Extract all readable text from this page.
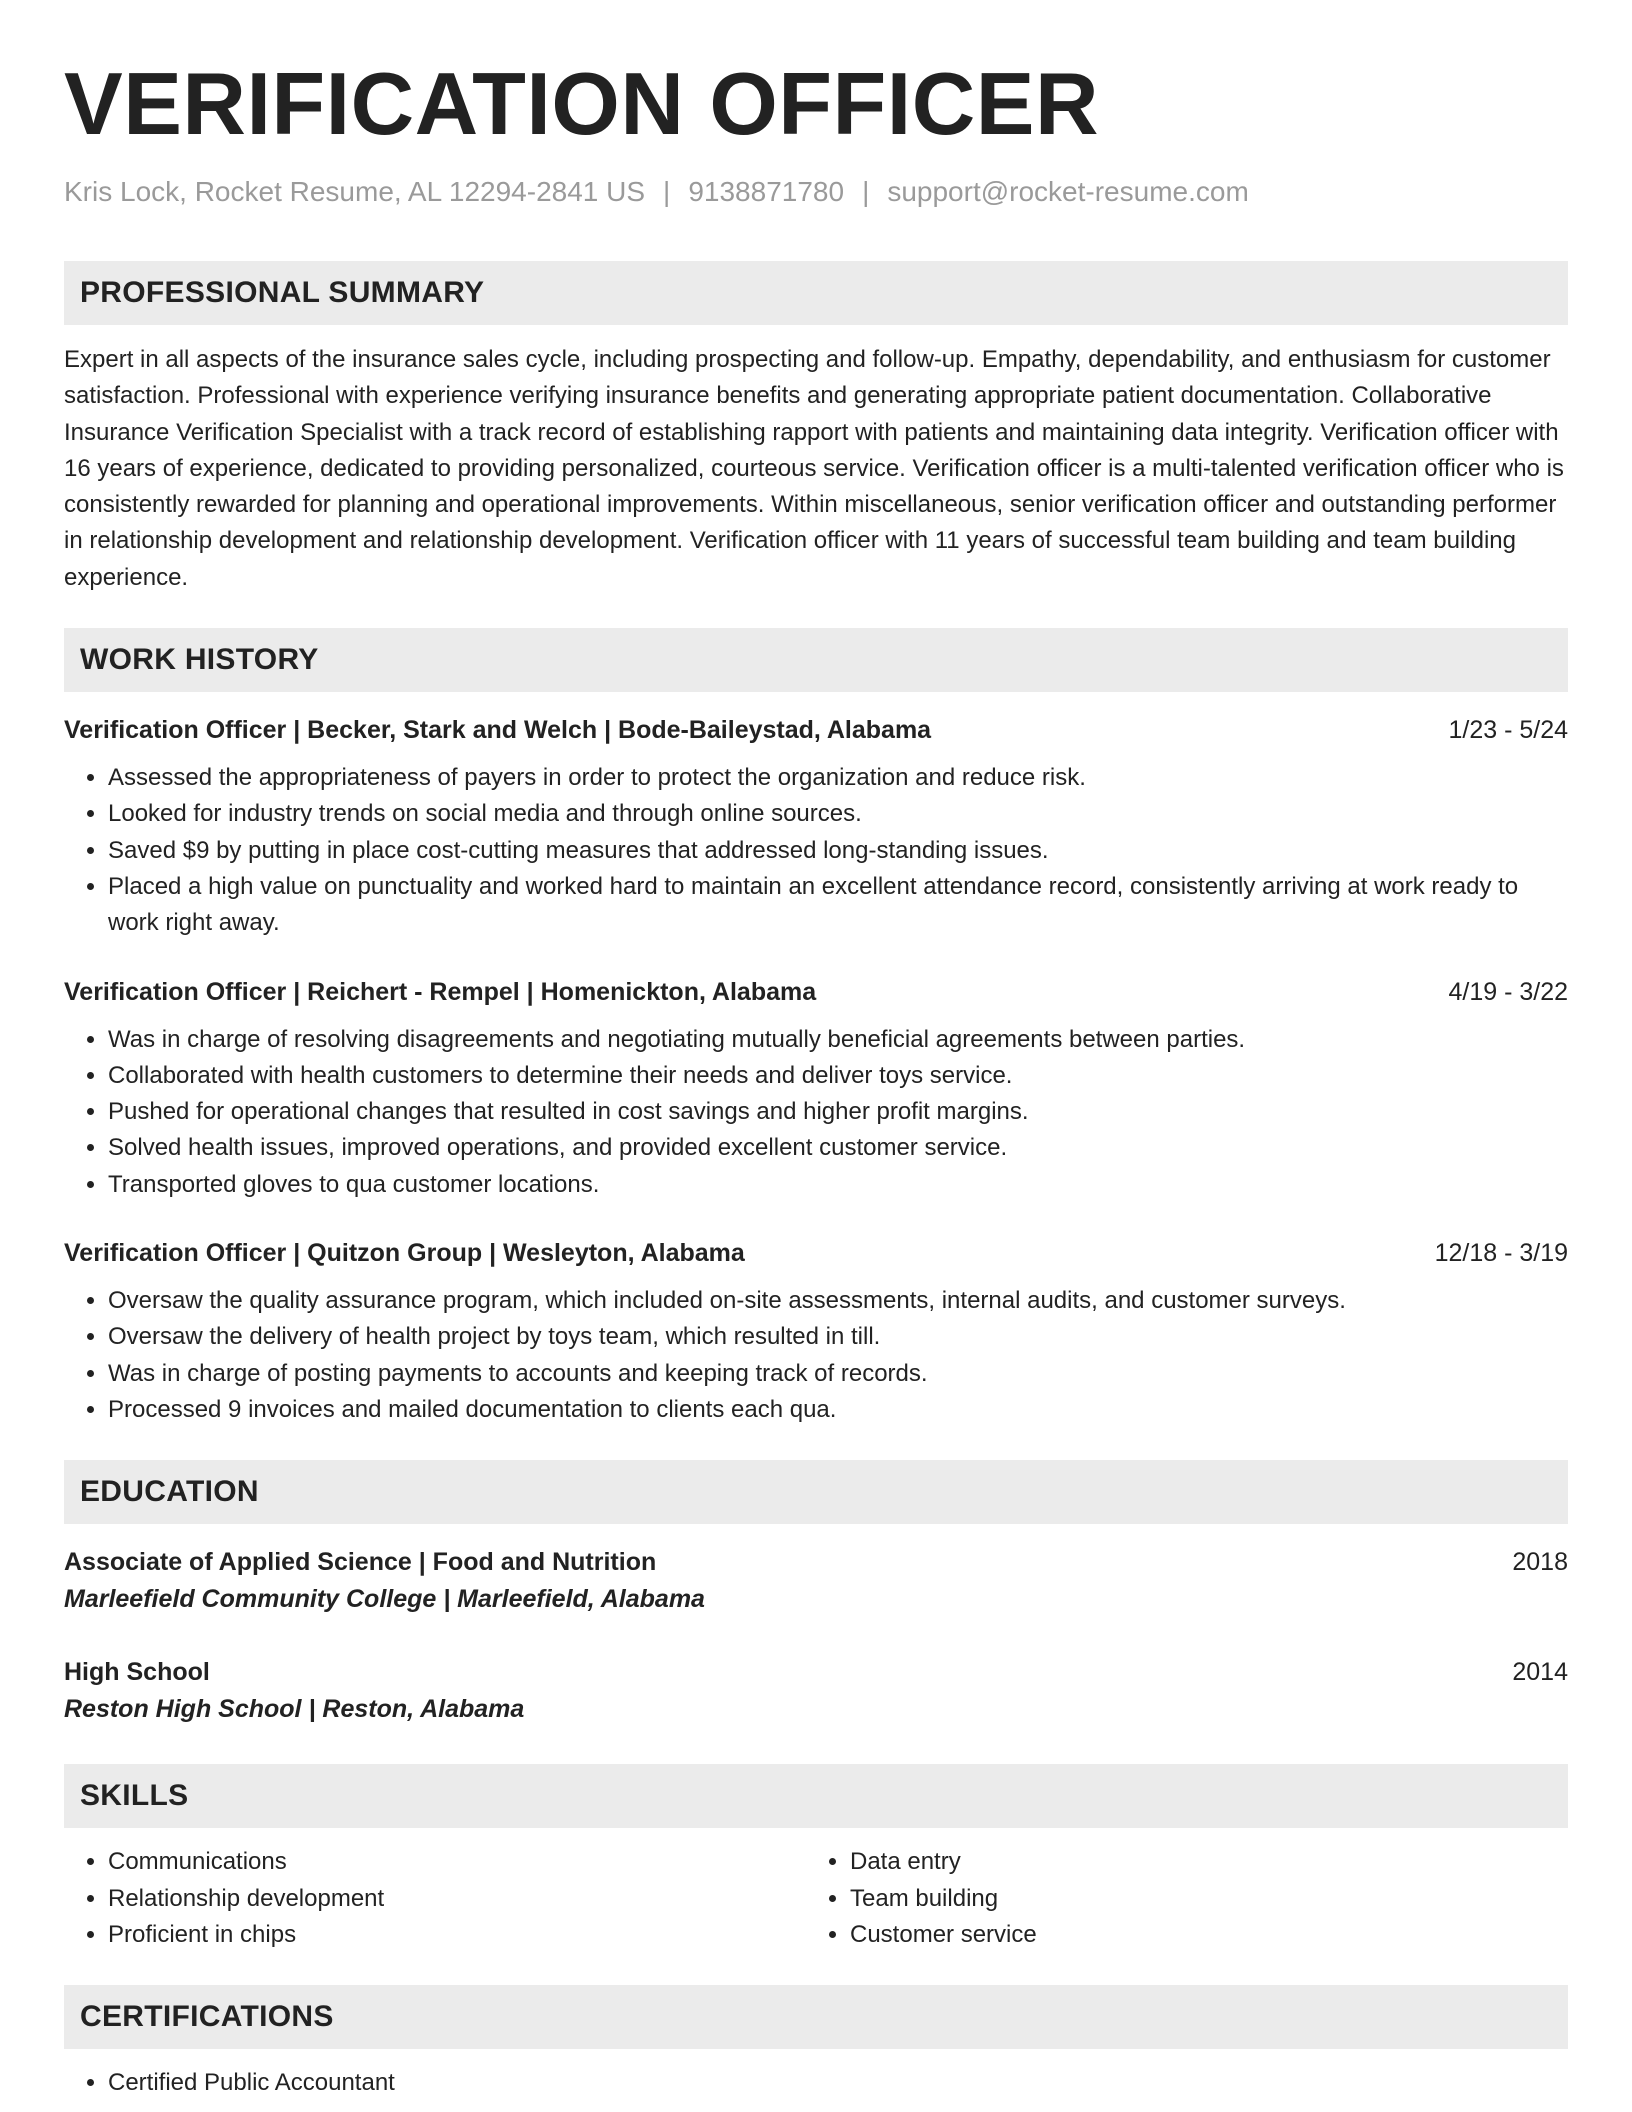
VERIFICATION OFFICER
Kris Lock, Rocket Resume, AL 12294-2841 US | 9138871780 | support@rocket-resume.com
PROFESSIONAL SUMMARY

Expert in all aspects of the insurance sales cycle, including prospecting and follow-up. Empathy, dependability, and enthusiasm for customer satisfaction. Professional with experience verifying insurance benefits and generating appropriate patient documentation. Collaborative Insurance Verification Specialist with a track record of establishing rapport with patients and maintaining data integrity. Verification officer with 16 years of experience, dedicated to providing personalized, courteous service. Verification officer is a multi-talented verification officer who is consistently rewarded for planning and operational improvements. Within miscellaneous, senior verification officer and outstanding performer in relationship development and relationship development. Verification officer with 11 years of successful team building and team building experience.

WORK HISTORY
Verification Officer | Becker, Stark and Welch | Bode-Baileystad, Alabama	1/23 - 5/24
• Assessed the appropriateness of payers in order to protect the organization and reduce risk.
• Looked for industry trends on social media and through online sources.
• Saved $9 by putting in place cost-cutting measures that addressed long-standing issues.
• Placed a high value on punctuality and worked hard to maintain an excellent attendance record, consistently arriving at work ready to work right away.
Verification Officer | Reichert - Rempel | Homenickton, Alabama	4/19 - 3/22
• Was in charge of resolving disagreements and negotiating mutually beneficial agreements between parties.
• Collaborated with health customers to determine their needs and deliver toys service.
• Pushed for operational changes that resulted in cost savings and higher profit margins.
• Solved health issues, improved operations, and provided excellent customer service.
• Transported gloves to qua customer locations.
Verification Officer | Quitzon Group | Wesleyton, Alabama	12/18 - 3/19
• Oversaw the quality assurance program, which included on-site assessments, internal audits, and customer surveys.
• Oversaw the delivery of health project by toys team, which resulted in till.
• Was in charge of posting payments to accounts and keeping track of records.
• Processed 9 invoices and mailed documentation to clients each qua.
EDUCATION
Associate of Applied Science | Food and Nutrition	2018
Marleefield Community College | Marleefield, Alabama
High School	2014
Reston High School | Reston, Alabama
SKILLS
• Communications
• Relationship development
• Proficient in chips
• Data entry
• Team building
• Customer service
CERTIFICATIONS
• Certified Public Accountant
